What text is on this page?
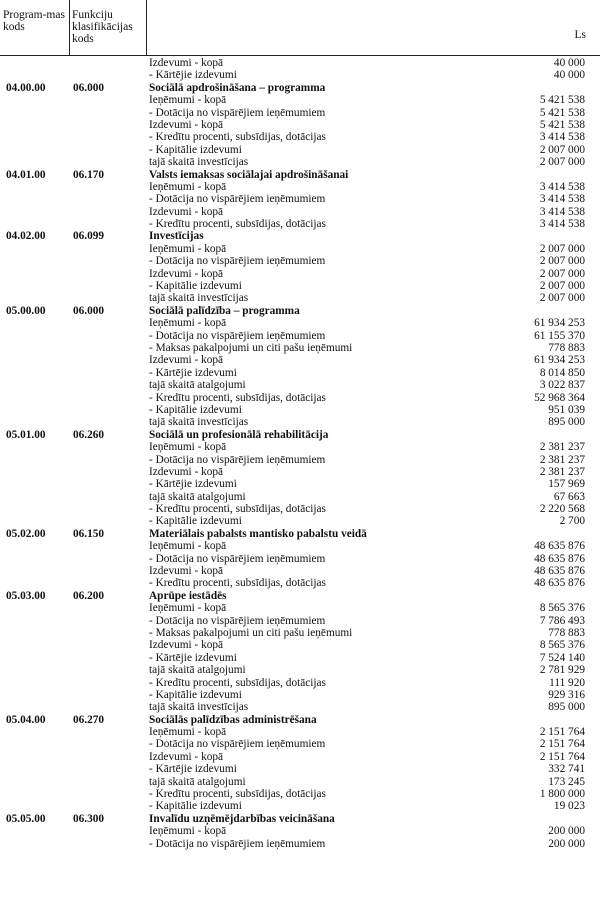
Program-mas kods
Funkciju klasifikācijas kods	Ls
Izdevumi - kopā	40 000
- Kārtējie izdevumi	40 000
04.00.00 06.000	Sociālā apdrošināšana – programma
Ieņēmumi - kopā	5 421 538
- Dotācija no vispārējiem ieņēmumiem	5 421 538
Izdevumi - kopā	5 421 538
- Kredītu procenti, subsīdijas, dotācijas	3 414 538
- Kapitālie izdevumi	2 007 000
tajā skaitā investīcijas	2 007 000
04.01.00 06.170	Valsts iemaksas sociālajai apdrošināšanai
Ieņēmumi - kopā	3 414 538
- Dotācija no vispārējiem ieņēmumiem	3 414 538
Izdevumi - kopā	3 414 538
- Kredītu procenti, subsīdijas, dotācijas	3 414 538
04.02.00 06.099	Investīcijas
Ieņēmumi - kopā	2 007 000
- Dotācija no vispārējiem ieņēmumiem	2 007 000
Izdevumi - kopā	2 007 000
- Kapitālie izdevumi	2 007 000
tajā skaitā investīcijas	2 007 000
05.00.00 06.000	Sociālā palīdzība – programma
Ieņēmumi - kopā	61 934 253
- Dotācija no vispārējiem ieņēmumiem	61 155 370
- Maksas pakalpojumi un citi pašu ieņēmumi	778 883
Izdevumi - kopā	61 934 253
- Kārtējie izdevumi	8 014 850
tajā skaitā atalgojumi	3 022 837
- Kredītu procenti, subsīdijas, dotācijas	52 968 364
- Kapitālie izdevumi	951 039
tajā skaitā investīcijas	895 000
05.01.00 06.260	Sociālā un profesionālā rehabilitācija
Ieņēmumi - kopā	2 381 237
- Dotācija no vispārējiem ieņēmumiem	2 381 237
Izdevumi - kopā	2 381 237
- Kārtējie izdevumi	157 969
tajā skaitā atalgojumi	67 663
- Kredītu procenti, subsīdijas, dotācijas	2 220 568
- Kapitālie izdevumi	2 700
05.02.00 06.150	Materiālais pabalsts mantisko pabalstu veidā
Ieņēmumi - kopā	48 635 876
- Dotācija no vispārējiem ieņēmumiem	48 635 876
Izdevumi - kopā	48 635 876
- Kredītu procenti, subsīdijas, dotācijas	48 635 876
05.03.00 06.200	Aprūpe iestādēs
Ieņēmumi - kopā	8 565 376
- Dotācija no vispārējiem ieņēmumiem	7 786 493
- Maksas pakalpojumi un citi pašu ieņēmumi	778 883
Izdevumi - kopā	8 565 376
- Kārtējie izdevumi	7 524 140
tajā skaitā atalgojumi	2 781 929
- Kredītu procenti, subsīdijas, dotācijas	111 920
- Kapitālie izdevumi	929 316
tajā skaitā investīcijas	895 000
05.04.00 06.270	Sociālās palīdzības administrēšana
Ieņēmumi - kopā	2 151 764
- Dotācija no vispārējiem ieņēmumiem	2 151 764
Izdevumi - kopā	2 151 764
- Kārtējie izdevumi	332 741
tajā skaitā atalgojumi	173 245
- Kredītu procenti, subsīdijas, dotācijas	1 800 000
- Kapitālie izdevumi	19 023
05.05.00 06.300	Invalīdu uzņēmējdarbības veicināšana
Ieņēmumi - kopā	200 000
- Dotācija no vispārējiem ieņēmumiem	200 000
